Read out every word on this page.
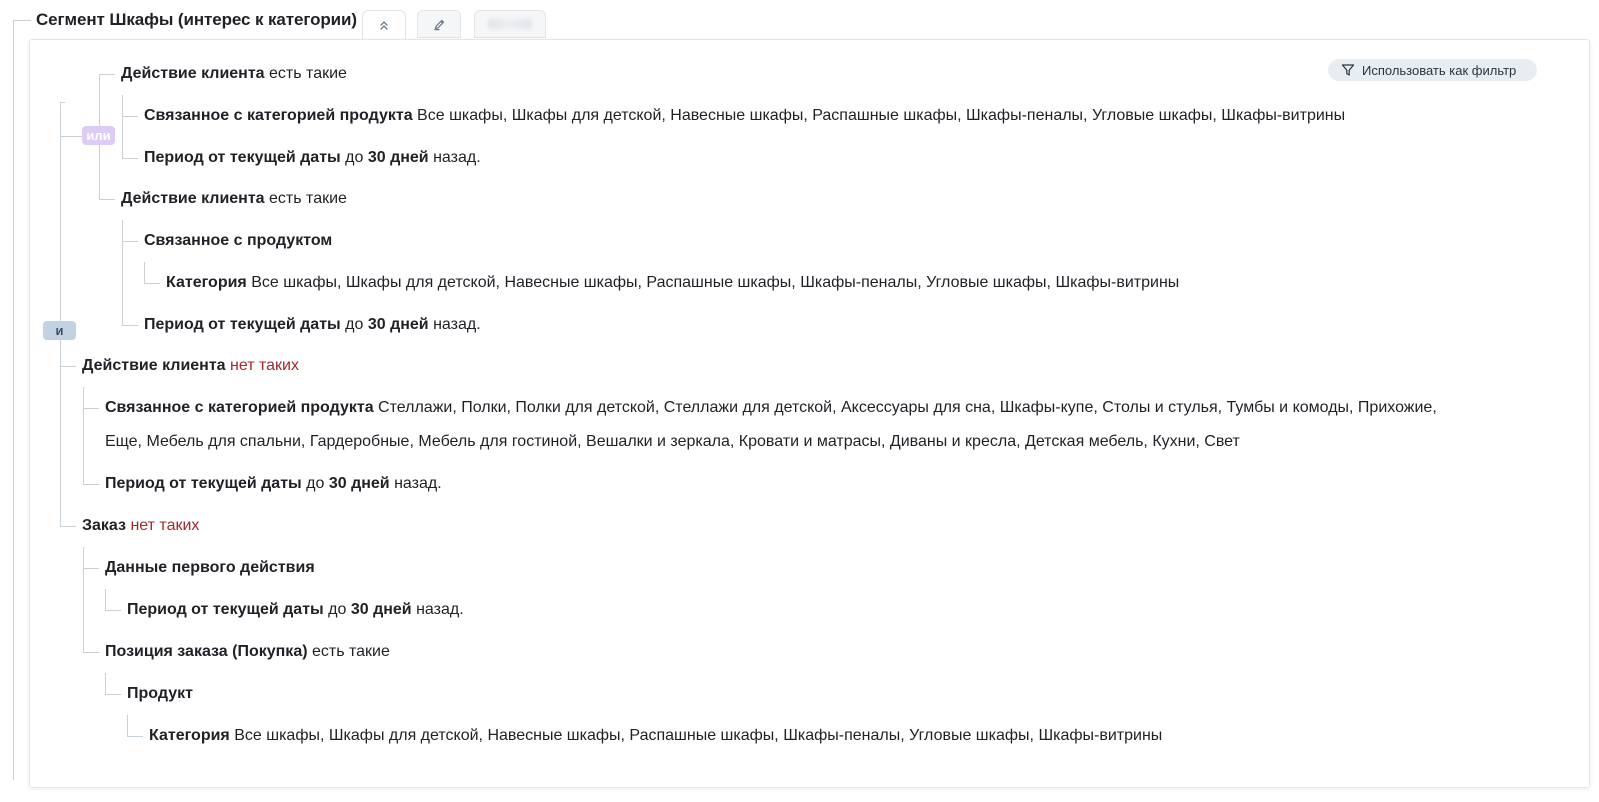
Сегмент Шкафы (интерес к категории)
Использовать как фильтр
или
и
Действие клиента есть такие
Связанное с категорией продукта Все шкафы, Шкафы для детской, Навесные шкафы, Распашные шкафы, Шкафы-пеналы, Угловые шкафы, Шкафы-витрины
Период от текущей даты до 30 дней назад.
Действие клиента есть такие
Связанное с продуктом
Категория Все шкафы, Шкафы для детской, Навесные шкафы, Распашные шкафы, Шкафы-пеналы, Угловые шкафы, Шкафы-витрины
Период от текущей даты до 30 дней назад.
Действие клиента нет таких
Связанное с категорией продукта Стеллажи, Полки, Полки для детской, Стеллажи для детской, Аксессуары для сна, Шкафы-купе, Столы и стулья, Тумбы и комоды, Прихожие,
Еще, Мебель для спальни, Гардеробные, Мебель для гостиной, Вешалки и зеркала, Кровати и матрасы, Диваны и кресла, Детская мебель, Кухни, Свет
Период от текущей даты до 30 дней назад.
Заказ нет таких
Данные первого действия
Период от текущей даты до 30 дней назад.
Позиция заказа (Покупка) есть такие
Продукт
Категория Все шкафы, Шкафы для детской, Навесные шкафы, Распашные шкафы, Шкафы-пеналы, Угловые шкафы, Шкафы-витрины
